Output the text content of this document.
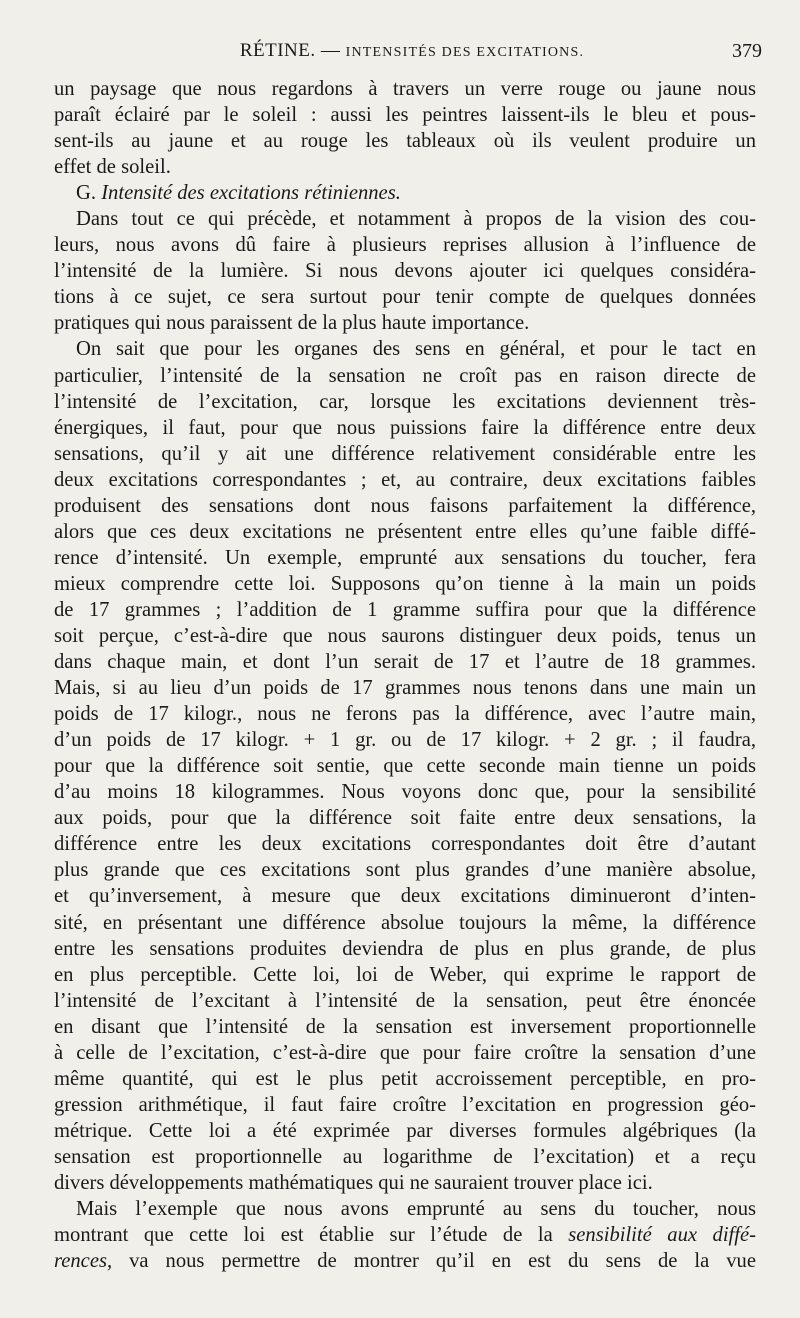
RÉTINE. — INTENSITÉS DES EXCITATIONS.	379

un paysage que nous regardons à travers un verre rouge ou jaune nous
paraît éclairé par le soleil : aussi les peintres laissent-ils le bleu et pous-
sent-ils au jaune et au rouge les tableaux où ils veulent produire un
effet de soleil.

G. Intensité des excitations rétiniennes.

Dans tout ce qui précède, et notamment à propos de la vision des cou-
leurs, nous avons dû faire à plusieurs reprises allusion à l’influence de
l’intensité de la lumière. Si nous devons ajouter ici quelques considéra-
tions à ce sujet, ce sera surtout pour tenir compte de quelques données
pratiques qui nous paraissent de la plus haute importance.

On sait que pour les organes des sens en général, et pour le tact en
particulier, l’intensité de la sensation ne croît pas en raison directe de
l’intensité de l’excitation, car, lorsque les excitations deviennent très-
énergiques, il faut, pour que nous puissions faire la différence entre deux
sensations, qu’il y ait une différence relativement considérable entre les
deux excitations correspondantes ; et, au contraire, deux excitations faibles
produisent des sensations dont nous faisons parfaitement la différence,
alors que ces deux excitations ne présentent entre elles qu’une faible diffé-
rence d’intensité. Un exemple, emprunté aux sensations du toucher, fera
mieux comprendre cette loi. Supposons qu’on tienne à la main un poids
de 17 grammes ; l’addition de 1 gramme suffira pour que la différence
soit perçue, c’est-à-dire que nous saurons distinguer deux poids, tenus un
dans chaque main, et dont l’un serait de 17 et l’autre de 18 grammes.
Mais, si au lieu d’un poids de 17 grammes nous tenons dans une main un
poids de 17 kilogr., nous ne ferons pas la différence, avec l’autre main,
d’un poids de 17 kilogr. + 1 gr. ou de 17 kilogr. + 2 gr. ; il faudra,
pour que la différence soit sentie, que cette seconde main tienne un poids
d’au moins 18 kilogrammes. Nous voyons donc que, pour la sensibilité
aux poids, pour que la différence soit faite entre deux sensations, la
différence entre les deux excitations correspondantes doit être d’autant
plus grande que ces excitations sont plus grandes d’une manière absolue,
et qu’inversement, à mesure que deux excitations diminueront d’inten-
sité, en présentant une différence absolue toujours la même, la différence
entre les sensations produites deviendra de plus en plus grande, de plus
en plus perceptible. Cette loi, loi de Weber, qui exprime le rapport de
l’intensité de l’excitant à l’intensité de la sensation, peut être énoncée
en disant que l’intensité de la sensation est inversement proportionnelle
à celle de l’excitation, c’est-à-dire que pour faire croître la sensation d’une
même quantité, qui est le plus petit accroissement perceptible, en pro-
gression arithmétique, il faut faire croître l’excitation en progression géo-
métrique. Cette loi a été exprimée par diverses formules algébriques (la
sensation est proportionnelle au logarithme de l’excitation) et a reçu
divers développements mathématiques qui ne sauraient trouver place ici.

Mais l’exemple que nous avons emprunté au sens du toucher, nous
montrant que cette loi est établie sur l’étude de la sensibilité aux diffé-
rences, va nous permettre de montrer qu’il en est du sens de la vue
